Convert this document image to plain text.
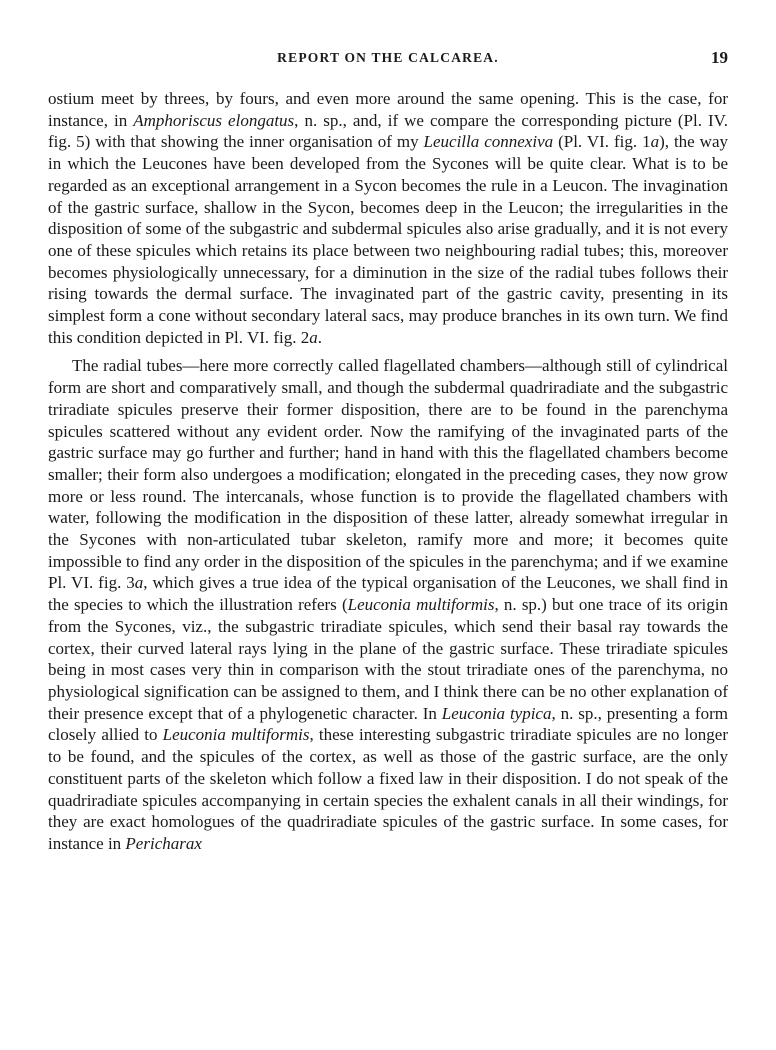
REPORT ON THE CALCAREA.	19

ostium meet by threes, by fours, and even more around the same opening. This is the case, for instance, in Amphoriscus elongatus, n. sp., and, if we compare the corresponding picture (Pl. IV. fig. 5) with that showing the inner organisation of my Leucilla connexiva (Pl. VI. fig. 1a), the way in which the Leucones have been developed from the Sycones will be quite clear. What is to be regarded as an exceptional arrangement in a Sycon becomes the rule in a Leucon. The invagination of the gastric surface, shallow in the Sycon, becomes deep in the Leucon; the irregularities in the disposition of some of the subgastric and subdermal spicules also arise gradually, and it is not every one of these spicules which retains its place between two neighbouring radial tubes; this, moreover becomes physiologically unnecessary, for a diminution in the size of the radial tubes follows their rising towards the dermal surface. The invaginated part of the gastric cavity, presenting in its simplest form a cone without secondary lateral sacs, may produce branches in its own turn. We find this condition depicted in Pl. VI. fig. 2a.

The radial tubes—here more correctly called flagellated chambers—although still of cylindrical form are short and comparatively small, and though the subdermal quadriradiate and the subgastric triradiate spicules preserve their former disposition, there are to be found in the parenchyma spicules scattered without any evident order. Now the ramifying of the invaginated parts of the gastric surface may go further and further; hand in hand with this the flagellated chambers become smaller; their form also undergoes a modification; elongated in the preceding cases, they now grow more or less round. The intercanals, whose function is to provide the flagellated chambers with water, following the modification in the disposition of these latter, already somewhat irregular in the Sycones with non-articulated tubar skeleton, ramify more and more; it becomes quite impossible to find any order in the disposition of the spicules in the parenchyma; and if we examine Pl. VI. fig. 3a, which gives a true idea of the typical organisation of the Leucones, we shall find in the species to which the illustration refers (Leuconia multiformis, n. sp.) but one trace of its origin from the Sycones, viz., the subgastric triradiate spicules, which send their basal ray towards the cortex, their curved lateral rays lying in the plane of the gastric surface. These triradiate spicules being in most cases very thin in comparison with the stout triradiate ones of the parenchyma, no physiological signification can be assigned to them, and I think there can be no other explanation of their presence except that of a phylogenetic character. In Leuconia typica, n. sp., presenting a form closely allied to Leuconia multiformis, these interesting subgastric triradiate spicules are no longer to be found, and the spicules of the cortex, as well as those of the gastric surface, are the only constituent parts of the skeleton which follow a fixed law in their disposition. I do not speak of the quadriradiate spicules accompanying in certain species the exhalent canals in all their windings, for they are exact homologues of the quadriradiate spicules of the gastric surface. In some cases, for instance in Pericharax
